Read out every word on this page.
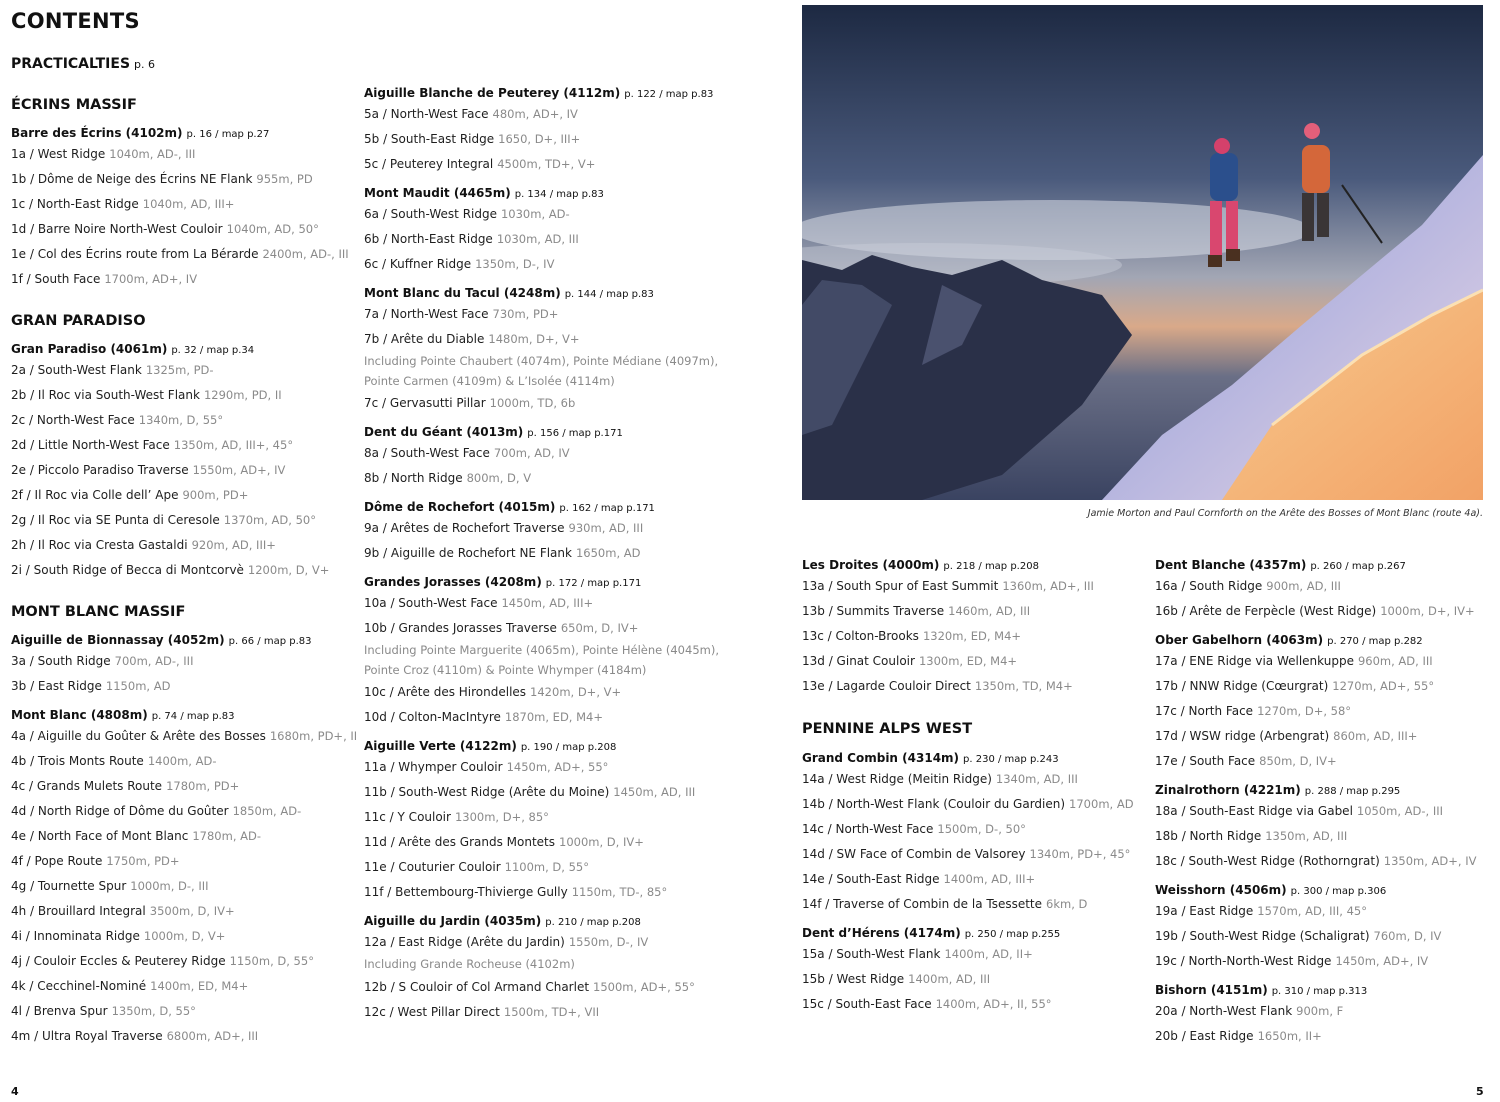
CONTENTS
PRACTICALTIES p. 6
ÉCRINS MASSIF
Barre des Écrins (4102m) p. 16 / map p.27
1a / West Ridge 1040m, AD-, III
1b / Dôme de Neige des Écrins NE Flank 955m, PD
1c / North-East Ridge 1040m, AD, III+
1d / Barre Noire North-West Couloir 1040m, AD, 50°
1e / Col des Écrins route from La Bérarde 2400m, AD-, III
1f / South Face 1700m, AD+, IV
GRAN PARADISO
Gran Paradiso (4061m) p. 32 / map p.34
2a / South-West Flank 1325m, PD-
2b / Il Roc via South-West Flank 1290m, PD, II
2c / North-West Face 1340m, D, 55°
2d / Little North-West Face 1350m, AD, III+, 45°
2e / Piccolo Paradiso Traverse 1550m, AD+, IV
2f / Il Roc via Colle dell’ Ape 900m, PD+
2g / Il Roc via SE Punta di Ceresole 1370m, AD, 50°
2h / Il Roc via Cresta Gastaldi 920m, AD, III+
2i / South Ridge of Becca di Montcorvè 1200m, D, V+
MONT BLANC MASSIF
Aiguille de Bionnassay (4052m) p. 66 / map p.83
3a / South Ridge 700m, AD-, III
3b / East Ridge 1150m, AD
Mont Blanc (4808m) p. 74 / map p.83
4a / Aiguille du Goûter & Arête des Bosses 1680m, PD+, II
4b / Trois Monts Route 1400m, AD-
4c / Grands Mulets Route 1780m, PD+
4d / North Ridge of Dôme du Goûter 1850m, AD-
4e / North Face of Mont Blanc 1780m, AD-
4f / Pope Route 1750m, PD+
4g / Tournette Spur 1000m, D-, III
4h / Brouillard Integral 3500m, D, IV+
4i / Innominata Ridge 1000m, D, V+
4j / Couloir Eccles & Peuterey Ridge 1150m, D, 55°
4k / Cecchinel-Nominé 1400m, ED, M4+
4l / Brenva Spur 1350m, D, 55°
4m / Ultra Royal Traverse 6800m, AD+, III
Aiguille Blanche de Peuterey (4112m) p. 122 / map p.83
5a / North-West Face 480m, AD+, IV
5b / South-East Ridge 1650, D+, III+
5c / Peuterey Integral 4500m, TD+, V+
Mont Maudit (4465m) p. 134 / map p.83
6a / South-West Ridge 1030m, AD-
6b / North-East Ridge 1030m, AD, III
6c / Kuffner Ridge 1350m, D-, IV
Mont Blanc du Tacul (4248m) p. 144 / map p.83
7a / North-West Face 730m, PD+
7b / Arête du Diable 1480m, D+, V+
Including Pointe Chaubert (4074m), Pointe Médiane (4097m),
Pointe Carmen (4109m) & L’Isolée (4114m)
7c / Gervasutti Pillar 1000m, TD, 6b
Dent du Géant (4013m) p. 156 / map p.171
8a / South-West Face 700m, AD, IV
8b / North Ridge 800m, D, V
Dôme de Rochefort (4015m) p. 162 / map p.171
9a / Arêtes de Rochefort Traverse 930m, AD, III
9b / Aiguille de Rochefort NE Flank 1650m, AD
Grandes Jorasses (4208m) p. 172 / map p.171
10a / South-West Face 1450m, AD, III+
10b / Grandes Jorasses Traverse 650m, D, IV+
Including Pointe Marguerite (4065m), Pointe Hélène (4045m),
Pointe Croz (4110m) & Pointe Whymper (4184m)
10c / Arête des Hirondelles 1420m, D+, V+
10d / Colton-MacIntyre 1870m, ED, M4+
Aiguille Verte (4122m) p. 190 / map p.208
11a / Whymper Couloir 1450m, AD+, 55°
11b / South-West Ridge (Arête du Moine) 1450m, AD, III
11c / Y Couloir 1300m, D+, 85°
11d / Arête des Grands Montets 1000m, D, IV+
11e / Couturier Couloir 1100m, D, 55°
11f / Bettembourg-Thivierge Gully 1150m, TD-, 85°
Aiguille du Jardin (4035m) p. 210 / map p.208
12a / East Ridge (Arête du Jardin) 1550m, D-, IV
Including Grande Rocheuse (4102m)
12b / S Couloir of Col Armand Charlet 1500m, AD+, 55°
12c / West Pillar Direct 1500m, TD+, VII
Les Droites (4000m) p. 218 / map p.208
13a / South Spur of East Summit 1360m, AD+, III
13b / Summits Traverse 1460m, AD, III
13c / Colton-Brooks 1320m, ED, M4+
13d / Ginat Couloir 1300m, ED, M4+
13e / Lagarde Couloir Direct 1350m, TD, M4+
PENNINE ALPS WEST
Grand Combin (4314m) p. 230 / map p.243
14a / West Ridge (Meitin Ridge) 1340m, AD, III
14b / North-West Flank (Couloir du Gardien) 1700m, AD
14c / North-West Face 1500m, D-, 50°
14d / SW Face of Combin de Valsorey 1340m, PD+, 45°
14e / South-East Ridge 1400m, AD, III+
14f / Traverse of Combin de la Tsessette 6km, D
Dent d’Hérens (4174m) p. 250 / map p.255
15a / South-West Flank 1400m, AD, II+
15b / West Ridge 1400m, AD, III
15c / South-East Face 1400m, AD+, II, 55°
Dent Blanche (4357m) p. 260 / map p.267
16a / South Ridge 900m, AD, III
16b / Arête de Ferpècle (West Ridge) 1000m, D+, IV+
Ober Gabelhorn (4063m) p. 270 / map p.282
17a / ENE Ridge via Wellenkuppe 960m, AD, III
17b / NNW Ridge (Cœurgrat) 1270m, AD+, 55°
17c / North Face 1270m, D+, 58°
17d / WSW ridge (Arbengrat) 860m, AD, III+
17e / South Face 850m, D, IV+
Zinalrothorn (4221m) p. 288 / map p.295
18a / South-East Ridge via Gabel 1050m, AD-, III
18b / North Ridge 1350m, AD, III
18c / South-West Ridge (Rothorngrat) 1350m, AD+, IV
Weisshorn (4506m) p. 300 / map p.306
19a / East Ridge 1570m, AD, III, 45°
19b / South-West Ridge (Schaligrat) 760m, D, IV
19c / North-North-West Ridge 1450m, AD+, IV
Bishorn (4151m) p. 310 / map p.313
20a / North-West Flank 900m, F
20b / East Ridge 1650m, II+
Jamie Morton and Paul Cornforth on the Arête des Bosses of Mont Blanc (route 4a).
4	5
